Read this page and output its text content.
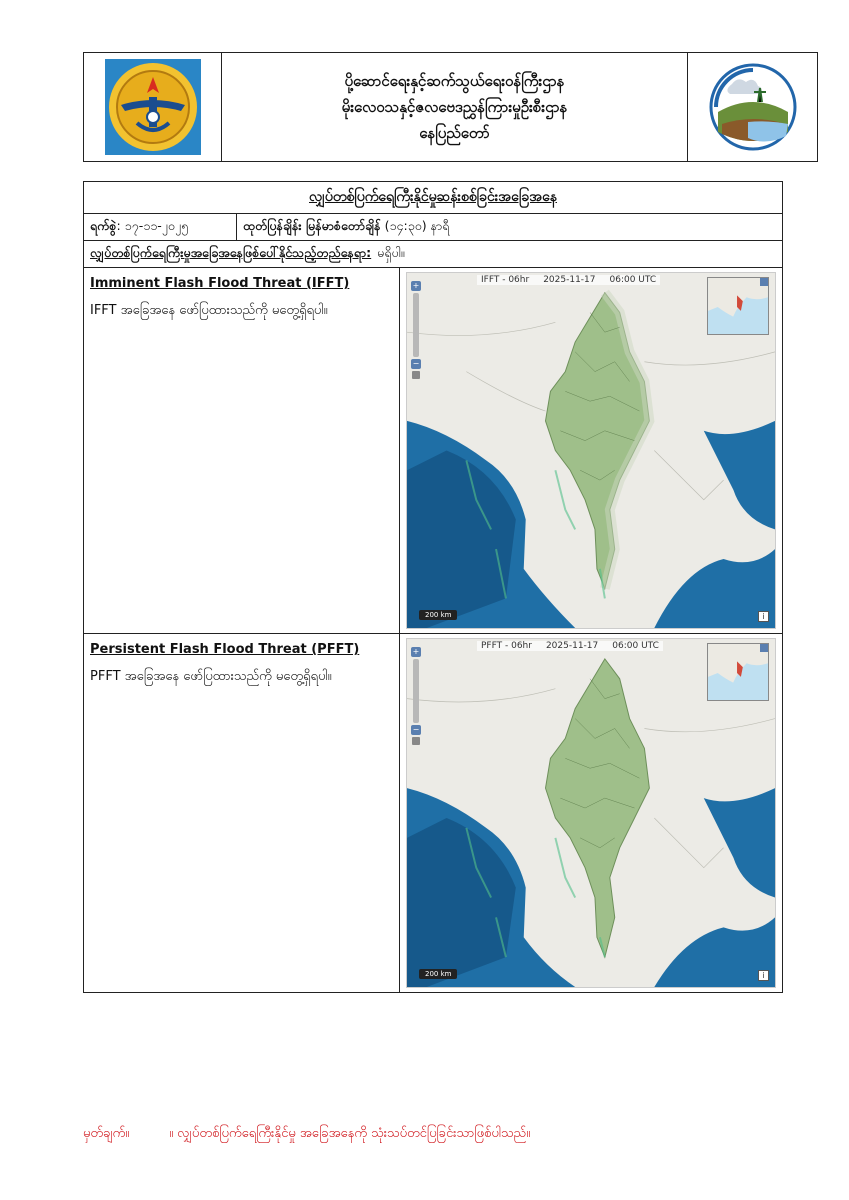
ပို့ဆောင်ရေးနှင့်ဆက်သွယ်ရေးဝန်ကြီးဌာန
မိုးလေဝသနှင့်ဇလဗေဒညွှန်ကြားမှုဦးစီးဌာန
နေပြည်တော်
လျှပ်တစ်ပြက်ရေကြီးနိုင်မှုဆန်းစစ်ခြင်းအခြေအနေ
ရက်စွဲ : ၁၇-၁၁-၂၀၂၅	ထုတ်ပြန်ချိန်း မြန်မာစံတော်ချိန် (၁၄:၃၀) နာရီ
လျှပ်တစ်ပြက်ရေကြီးမှုအခြေအနေဖြစ်ပေါ်နိုင်သည့်တည်နေရာ: မရှိပါ။
Imminent Flash Flood Threat (IFFT)
IFFT အခြေအနေ ဖော်ပြထားသည်ကို မတွေ့ရှိရပါ။
IFFT - 06hr 2025-11-17 06:00 UTC
+
−
200 km	i
Persistent Flash Flood Threat (PFFT)
PFFT အခြေအနေ ဖော်ပြထားသည်ကို မတွေ့ရှိရပါ။
PFFT - 06hr 2025-11-17 06:00 UTC
+
−
200 km	i
မှတ်ချက်။	။ လျှပ်တစ်ပြက်ရေကြီးနိုင်မှု အခြေအနေကို သုံးသပ်တင်ပြခြင်းသာဖြစ်ပါသည်။
